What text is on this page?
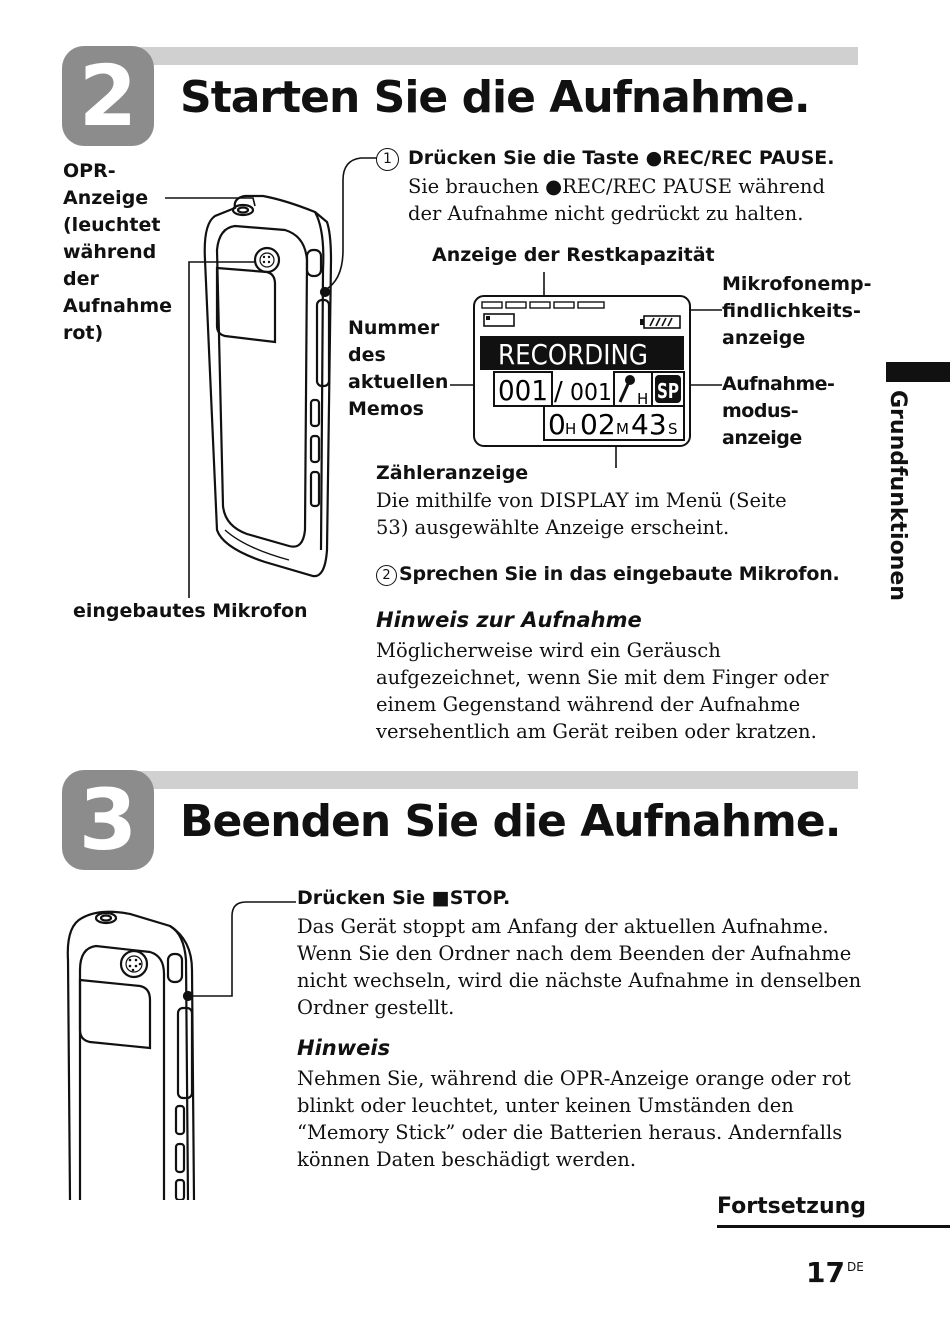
2 Starten Sie die Aufnahme.
OPR-
Anzeige
(leuchtet
während
der
Aufnahme
rot)
eingebautes Mikrofon
1 Drücken Sie die Taste ●REC/REC PAUSE.
Sie brauchen ●REC/REC PAUSE während der Aufnahme nicht gedrückt zu halten.
Anzeige der Restkapazität
Mikrofonemp-
findlichkeits-
anzeige
Nummer
des
aktuellen
Memos
Aufnahme-
modus-
anzeige
RECORDING
001 / 001 H SP
0 H 02 M 43 S
Zähleranzeige
Die mithilfe von DISPLAY im Menü (Seite 53) ausgewählte Anzeige erscheint.
2 Sprechen Sie in das eingebaute Mikrofon.
Hinweis zur Aufnahme
Möglicherweise wird ein Geräusch aufgezeichnet, wenn Sie mit dem Finger oder einem Gegenstand während der Aufnahme versehentlich am Gerät reiben oder kratzen.
Grundfunktionen
3 Beenden Sie die Aufnahme.
Drücken Sie ■STOP.
Das Gerät stoppt am Anfang der aktuellen Aufnahme. Wenn Sie den Ordner nach dem Beenden der Aufnahme nicht wechseln, wird die nächste Aufnahme in denselben Ordner gestellt.
Hinweis
Nehmen Sie, während die OPR-Anzeige orange oder rot blinkt oder leuchtet, unter keinen Umständen den “Memory Stick” oder die Batterien heraus. Andernfalls können Daten beschädigt werden.
Fortsetzung
17 $^{DE}$
